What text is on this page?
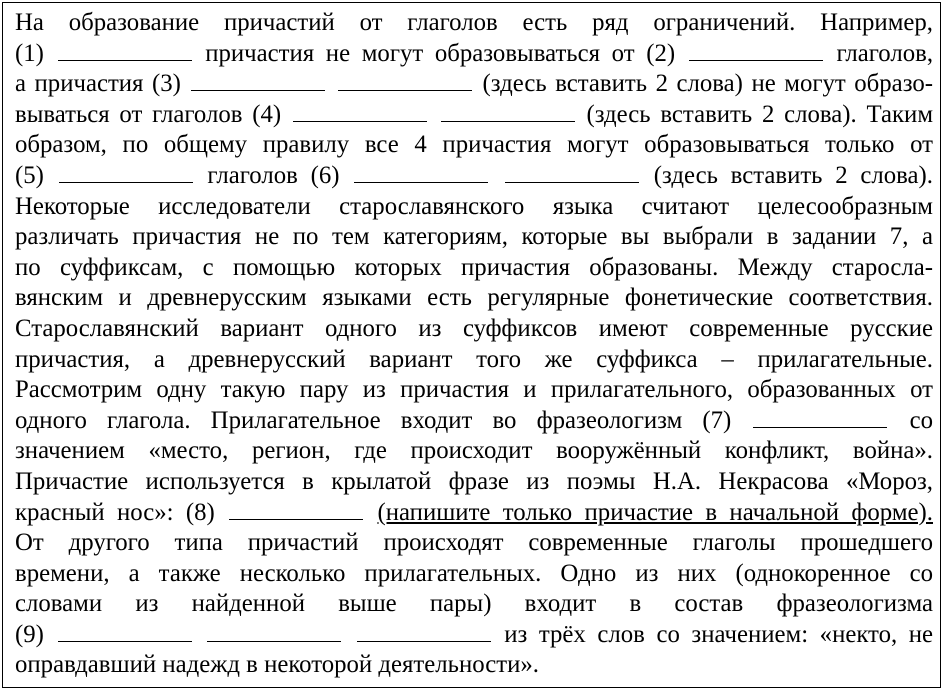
На образование причастий от глаголов есть ряд ограничений. Например,
(1)	причастия не могут образовываться от (2)	глаголов,
а причастия (3)	(здесь вставить 2 слова) не могут образо-
вываться от глаголов (4)	(здесь вставить 2 слова). Таким
образом, по общему правилу все 4 причастия могут образовываться только от
(5)	глаголов (6)	(здесь вставить 2 слова).
Некоторые исследователи старославянского языка считают целесообразным
различать причастия не по тем категориям, которые вы выбрали в задании 7, а
по суффиксам, с помощью которых причастия образованы. Между старосла-
вянским и древнерусским языками есть регулярные фонетические соответствия.
Старославянский вариант одного из суффиксов имеют современные русские
причастия, а древнерусский вариант того же суффикса – прилагательные.
Рассмотрим одну такую пару из причастия и прилагательного, образованных от
одного глагола. Прилагательное входит во фразеологизм (7)	со
значением «место, регион, где происходит вооружённый конфликт, война».
Причастие используется в крылатой фразе из поэмы Н.А. Некрасова «Мороз,
красный нос»: (8)	(напишите только причастие в начальной форме).
От другого типа причастий происходят современные глаголы прошедшего
времени, а также несколько прилагательных. Одно из них (однокоренное со
словами из найденной выше пары) входит в состав фразеологизма
(9)	из трёх слов со значением: «некто, не
оправдавший надежд в некоторой деятельности».
